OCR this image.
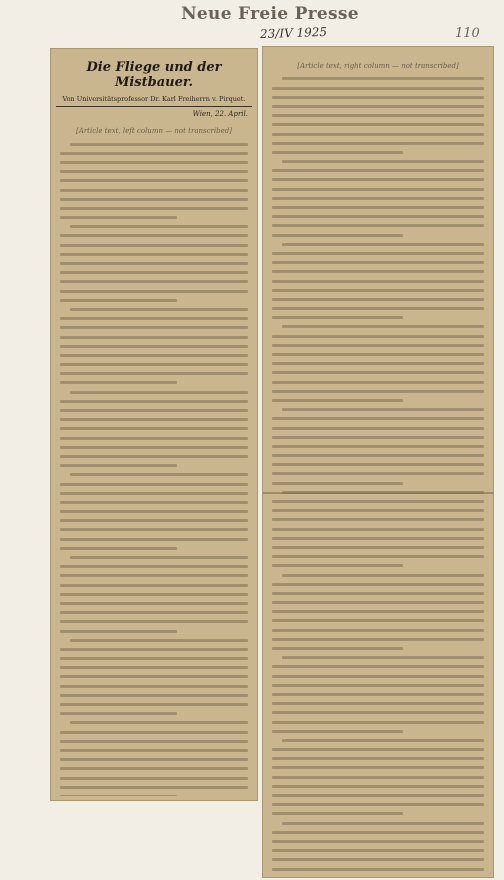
Neue Freie Presse
23/IV 1925	110
Die Fliege und der Mistbauer.
Von Universitätsprofessor Dr. Karl Freiherrn v. Pirquet.
Wien, 22. April.
[Article text, left column — not transcribed]
[Article text, right column — not transcribed]
